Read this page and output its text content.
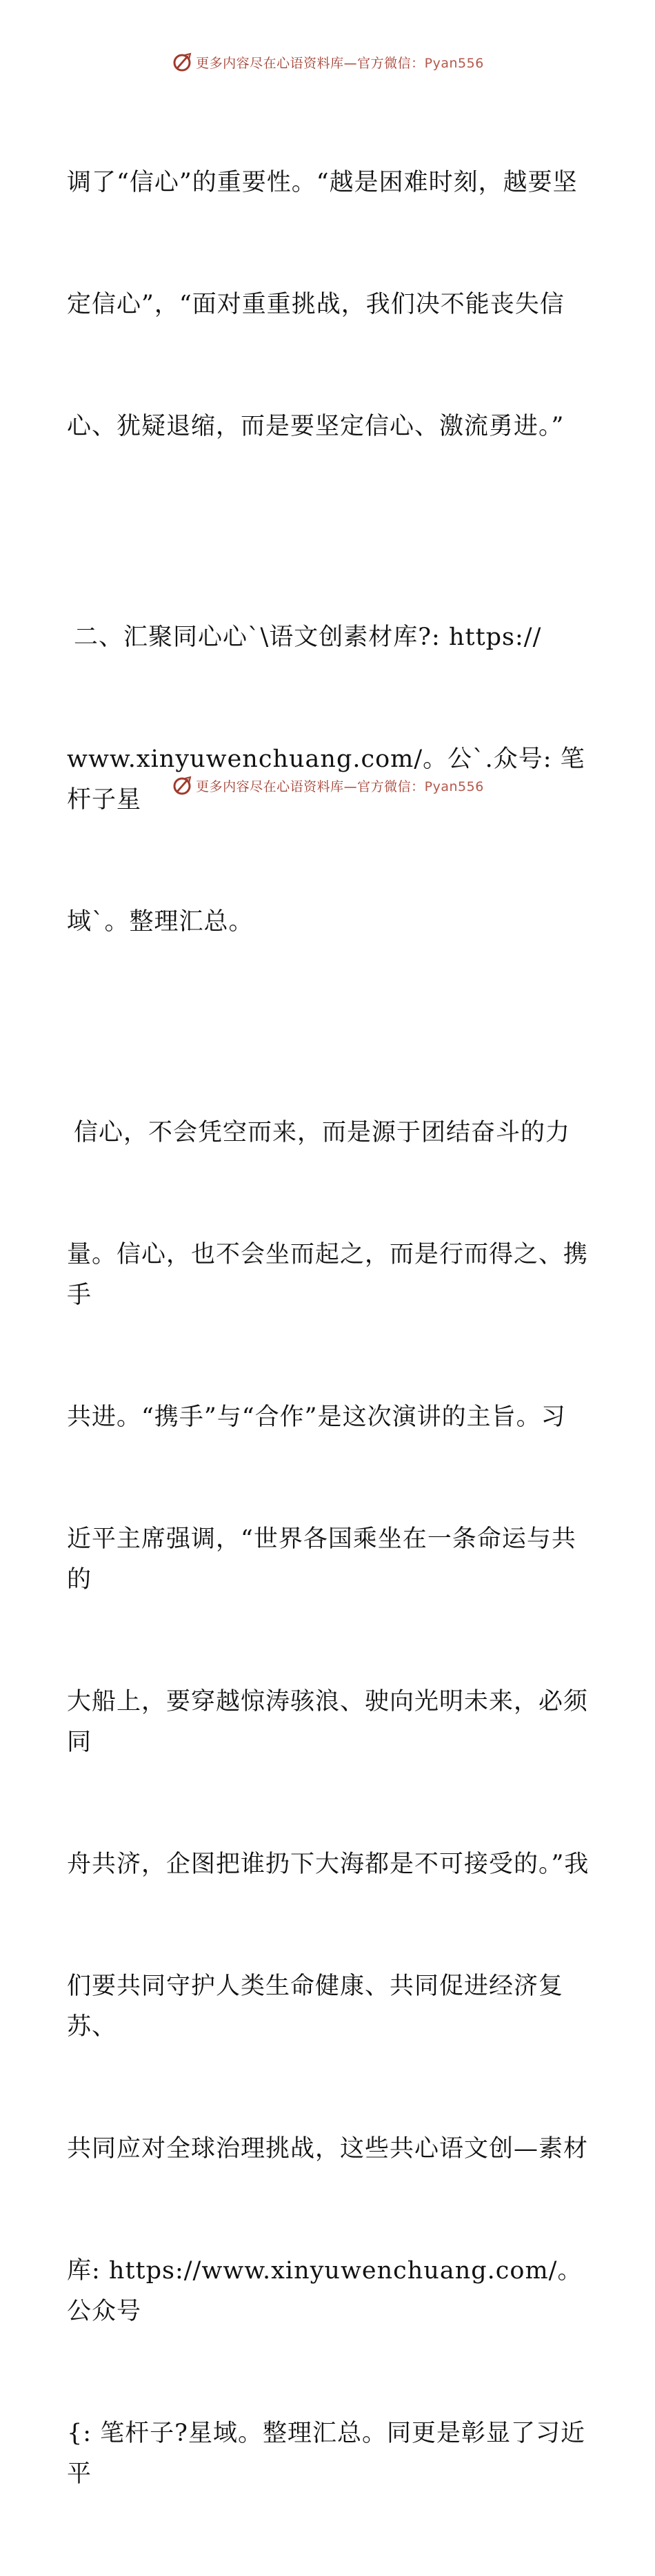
更多内容尽在心语资料库—官方微信：Pyan556

调了“信心”的重要性。“越是困难时刻，越要坚

定信心”，“面对重重挑战，我们决不能丧失信

心、犹疑退缩，而是要坚定信心、激流勇进。”

二、汇聚同心心`\语文创素材库?: https://

www.xinyuwenchuang.com/。公`.众号: 笔杆子星

域`。整理汇总。

信心，不会凭空而来，而是源于团结奋斗的力

量。信心，也不会坐而起之，而是行而得之、携手

共进。“携手”与“合作”是这次演讲的主旨。习

近平主席强调，“世界各国乘坐在一条命运与共的

大船上，要穿越惊涛骇浪、驶向光明未来，必须同

舟共济，企图把谁扔下大海都是不可接受的。”我

们要共同守护人类生命健康、共同促进经济复苏、

共同应对全球治理挑战，这些共心语文创—素材

库: https://www.xinyuwenchuang.com/。公众号

{: 笔杆子?星域。整理汇总。同更是彰显了习近平

更多内容尽在心语资料库—官方微信：Pyan556
